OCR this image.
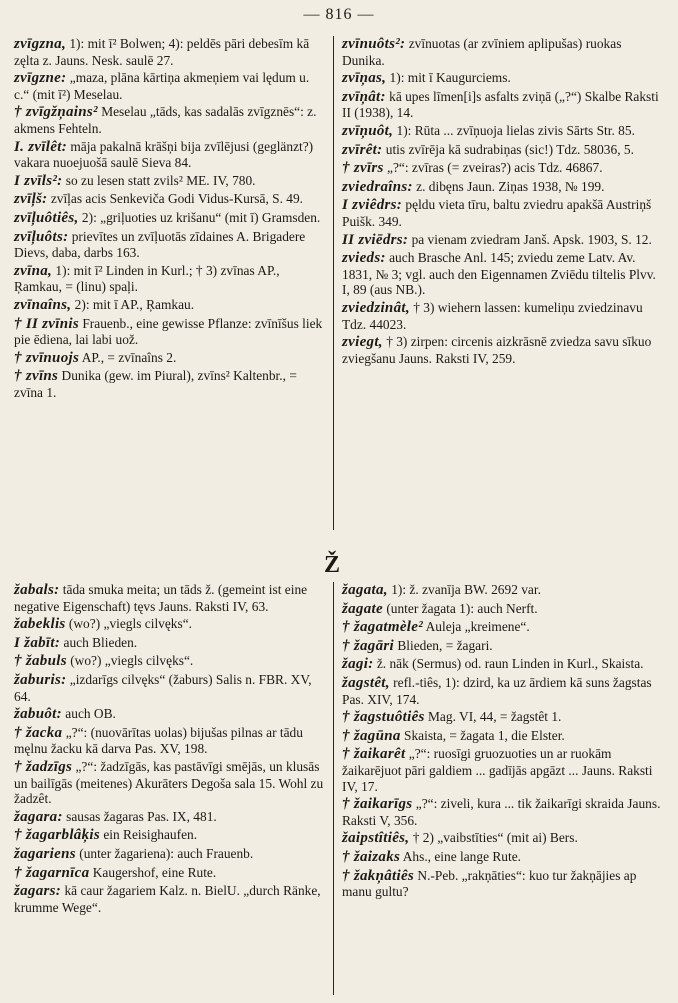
— 816 —
Ž

zvīgzna, 1): mit ī² Bolwen; 4): peldēs pāri debesīm kā zęlta z. Jauns. Nesk. saulē 27.

zvīgzne: „maza, plāna kārtiņa akmeņiem vai lędum u. c.“ (mit ī²) Meselau.

† zvīgžņains² Meselau „tāds, kas sadalās zvīgznēs“: z. akmens Fehteln.

I. zvīlêt: māja pakalnā krāšņi bija zvīlējusi (geglänzt?) vakara nuoejuošā saulē Sieva 84.

I zvīls²: so zu lesen statt zvils² ME. IV, 780.

zvīļš: zvīļas acis Senkeviča Godi Vidus-Kursā, S. 49.

zvīļuôtiês, 2): „griļuoties uz krišanu“ (mit ī) Gramsden.

zvīļuôts: prievītes un zvīļuotās zīdaines A. Brigadere Dievs, daba, darbs 163.

zvīna, 1): mit ī² Linden in Kurl.; † 3) zvīnas AP., Ŗamkau, = (linu) spaļi.

zvīnaîns, 2): mit ī AP., Ŗamkau.

† II zvīnis Frauenb., eine gewisse Pflanze: zvīnīšus liek pie ēdiena, lai labi uož.

† zvīnuojs AP., = zvīnaîns 2.

† zvīns Dunika (gew. im Piural), zvīns² Kaltenbr., = zvīna 1.

zvīnuôts²: zvīnuotas (ar zvīniem aplipušas) ruokas Dunika.

zvīņas, 1): mit ī Kaugurciems.

zvīņât: kā upes līmen[i]s asfalts zviņā („?“) Skalbe Raksti II (1938), 14.

zvīņuôt, 1): Rūta ... zvīņuoja lielas zivis Sārts Str. 85.

zvīrêt: utis zvīrēja kā sudrabiņas (sic!) Tdz. 58036, 5.

† zvīrs „?“: zvīras (= zveiras?) acis Tdz. 46867.

zviedraîns: z. dibęns Jaun. Ziņas 1938, № 199.

I zviêdrs: pęldu vieta tīru, baltu zviedru apakšā Austriņš Puišk. 349.

II zviēdrs: pa vienam zviedram Janš. Apsk. 1903, S. 12.

zvieds: auch Brasche Anl. 145; zviedu zeme Latv. Av. 1831, № 3; vgl. auch den Eigennamen Zviēdu tiltelis Plvv. I, 89 (aus NB.).

zviedzinât, † 3) wiehern lassen: kumeliņu zviedzinavu Tdz. 44023.

zviegt, † 3) zirpen: circenis aizkrāsnē zviedza savu sīkuo zviegšanu Jauns. Raksti IV, 259.

žabals: tāda smuka meita; un tāds ž. (gemeint ist eine negative Eigenschaft) tęvs Jauns. Raksti IV, 63.

žabeklis (wo?) „viegls cilvęks“.

I žabīt: auch Blieden.

† žabuls (wo?) „viegls cilvęks“.

žaburis: „izdarīgs cilvęks“ (žaburs) Salis n. FBR. XV, 64.

žabuôt: auch OB.

† žacka „?“: (nuovārītas uolas) bijušas pilnas ar tādu męlnu žacku kā darva Pas. XV, 198.

† žadzīgs „?“: žadzīgās, kas pastāvīgi smējās, un klusās un bailīgās (meitenes) Akurāters Degoša sala 15. Wohl zu žadzêt.

žagara: sausas žagaras Pas. IX, 481.

† žagarblâķis ein Reisighaufen.

žagariens (unter žagariena): auch Frauenb.

† žagarnīca Kaugershof, eine Rute.

žagars: kā caur žagariem Kalz. n. BielU. „durch Ränke, krumme Wege“.

žagata, 1): ž. zvanīja BW. 2692 var.

žagate (unter žagata 1): auch Nerft.

† žagatmèle² Auleja „kreimene“.

† žagāri Blieden, = žagari.

žagi: ž. nāk (Sermus) od. raun Linden in Kurl., Skaista.

žagstêt, refl.-tiês, 1): dzird, ka uz ārdiem kā suns žagstas Pas. XIV, 174.

† žagstuôtiês Mag. VI, 44, = žagstêt 1.

† žagūna Skaista, = žagata 1, die Elster.

† žaikarêt „?“: ruosīgi gruozuoties un ar ruokām žaikarējuot pāri galdiem ... gadījās apgāzt ... Jauns. Raksti IV, 17.

† žaikarīgs „?“: ziveli, kura ... tik žaikarīgi skraida Jauns. Raksti V, 356.

žaipstîtiês, † 2) „vaibstīties“ (mit ai) Bers.

† žaizaks Ahs., eine lange Rute.

† žakņâtiês N.-Peb. „rakņāties“: kuo tur žakņājies ap manu gultu?
